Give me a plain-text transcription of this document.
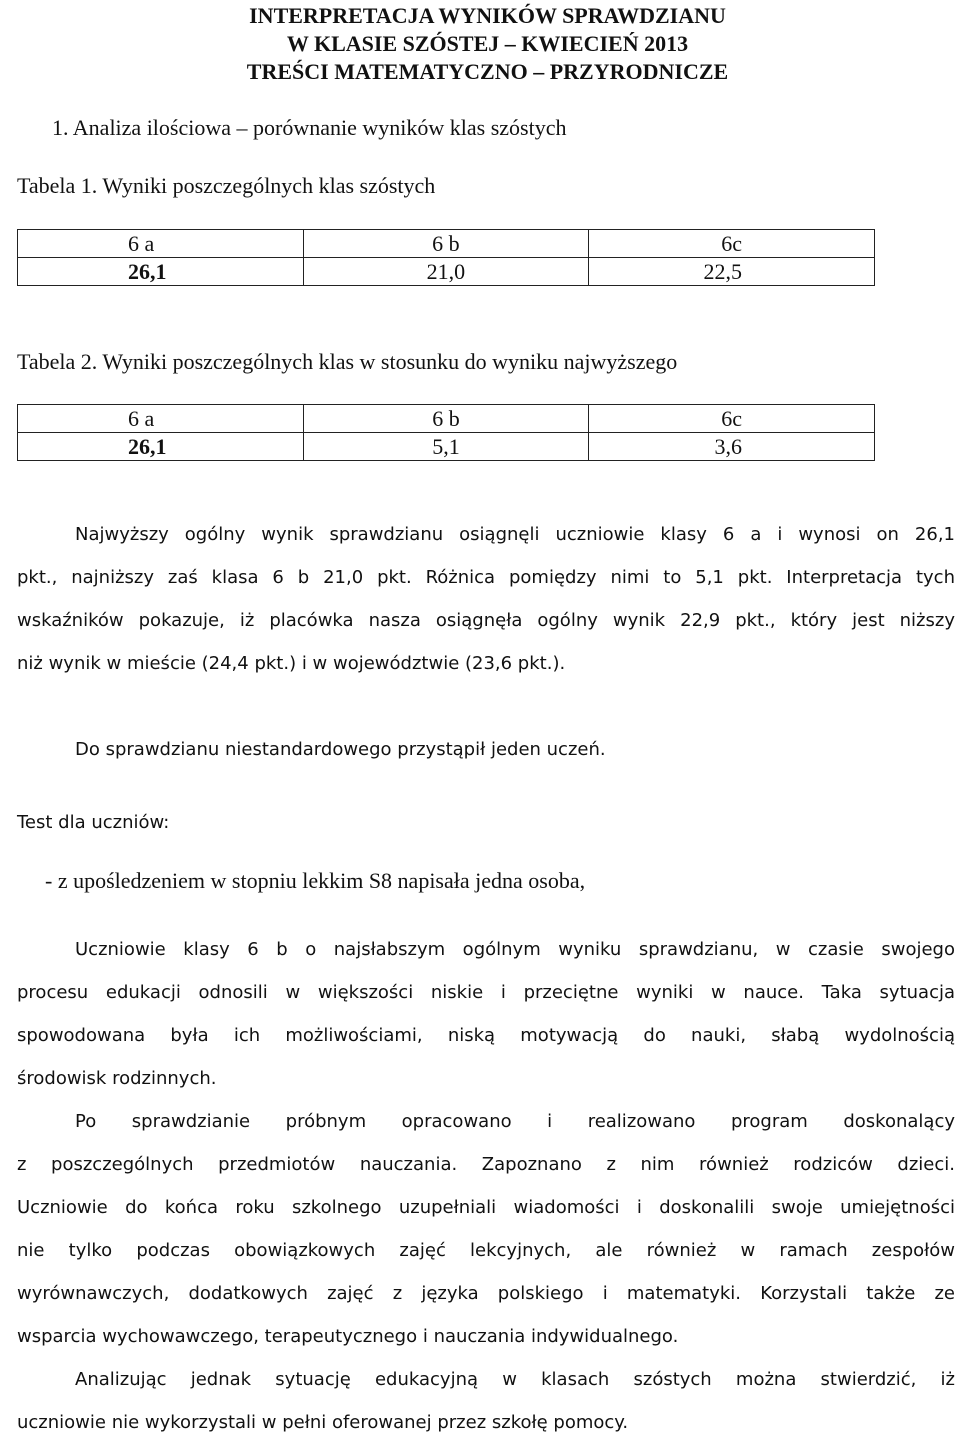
INTERPRETACJA WYNIKÓW SPRAWDZIANU
W KLASIE SZÓSTEJ – KWIECIEŃ 2013
TREŚCI MATEMATYCZNO – PRZYRODNICZE
1. Analiza ilościowa – porównanie wyników klas szóstych
Tabela 1. Wyniki poszczególnych klas szóstych
6 a	6 b	6c
26,1	21,0	22,5
Tabela 2. Wyniki poszczególnych klas w stosunku do wyniku najwyższego
6 a	6 b	6c
26,1	5,1	3,6
Najwyższy ogólny wynik sprawdzianu osiągnęli uczniowie klasy 6 a i wynosi on 26,1
pkt., najniższy zaś klasa 6 b 21,0 pkt. Różnica pomiędzy nimi to 5,1 pkt. Interpretacja tych
wskaźników pokazuje, iż placówka nasza osiągnęła ogólny wynik 22,9 pkt., który jest niższy
niż wynik w mieście (24,4 pkt.) i w województwie (23,6 pkt.).
Do sprawdzianu niestandardowego przystąpił jeden uczeń.
Test dla uczniów:
- z upośledzeniem w stopniu lekkim S8 napisała jedna osoba,
Uczniowie klasy 6 b o najsłabszym ogólnym wyniku sprawdzianu, w czasie swojego
procesu edukacji odnosili w większości niskie i przeciętne wyniki w nauce. Taka sytuacja
spowodowana była ich możliwościami, niską motywacją do nauki, słabą wydolnością
środowisk rodzinnych.
Po sprawdzianie próbnym opracowano i realizowano program doskonalący
z poszczególnych przedmiotów nauczania. Zapoznano z nim również rodziców dzieci.
Uczniowie do końca roku szkolnego uzupełniali wiadomości i doskonalili swoje umiejętności
nie tylko podczas obowiązkowych zajęć lekcyjnych, ale również w ramach zespołów
wyrównawczych, dodatkowych zajęć z języka polskiego i matematyki. Korzystali także ze
wsparcia wychowawczego, terapeutycznego i nauczania indywidualnego.
Analizując jednak sytuację edukacyjną w klasach szóstych można stwierdzić, iż
uczniowie nie wykorzystali w pełni oferowanej przez szkołę pomocy.
